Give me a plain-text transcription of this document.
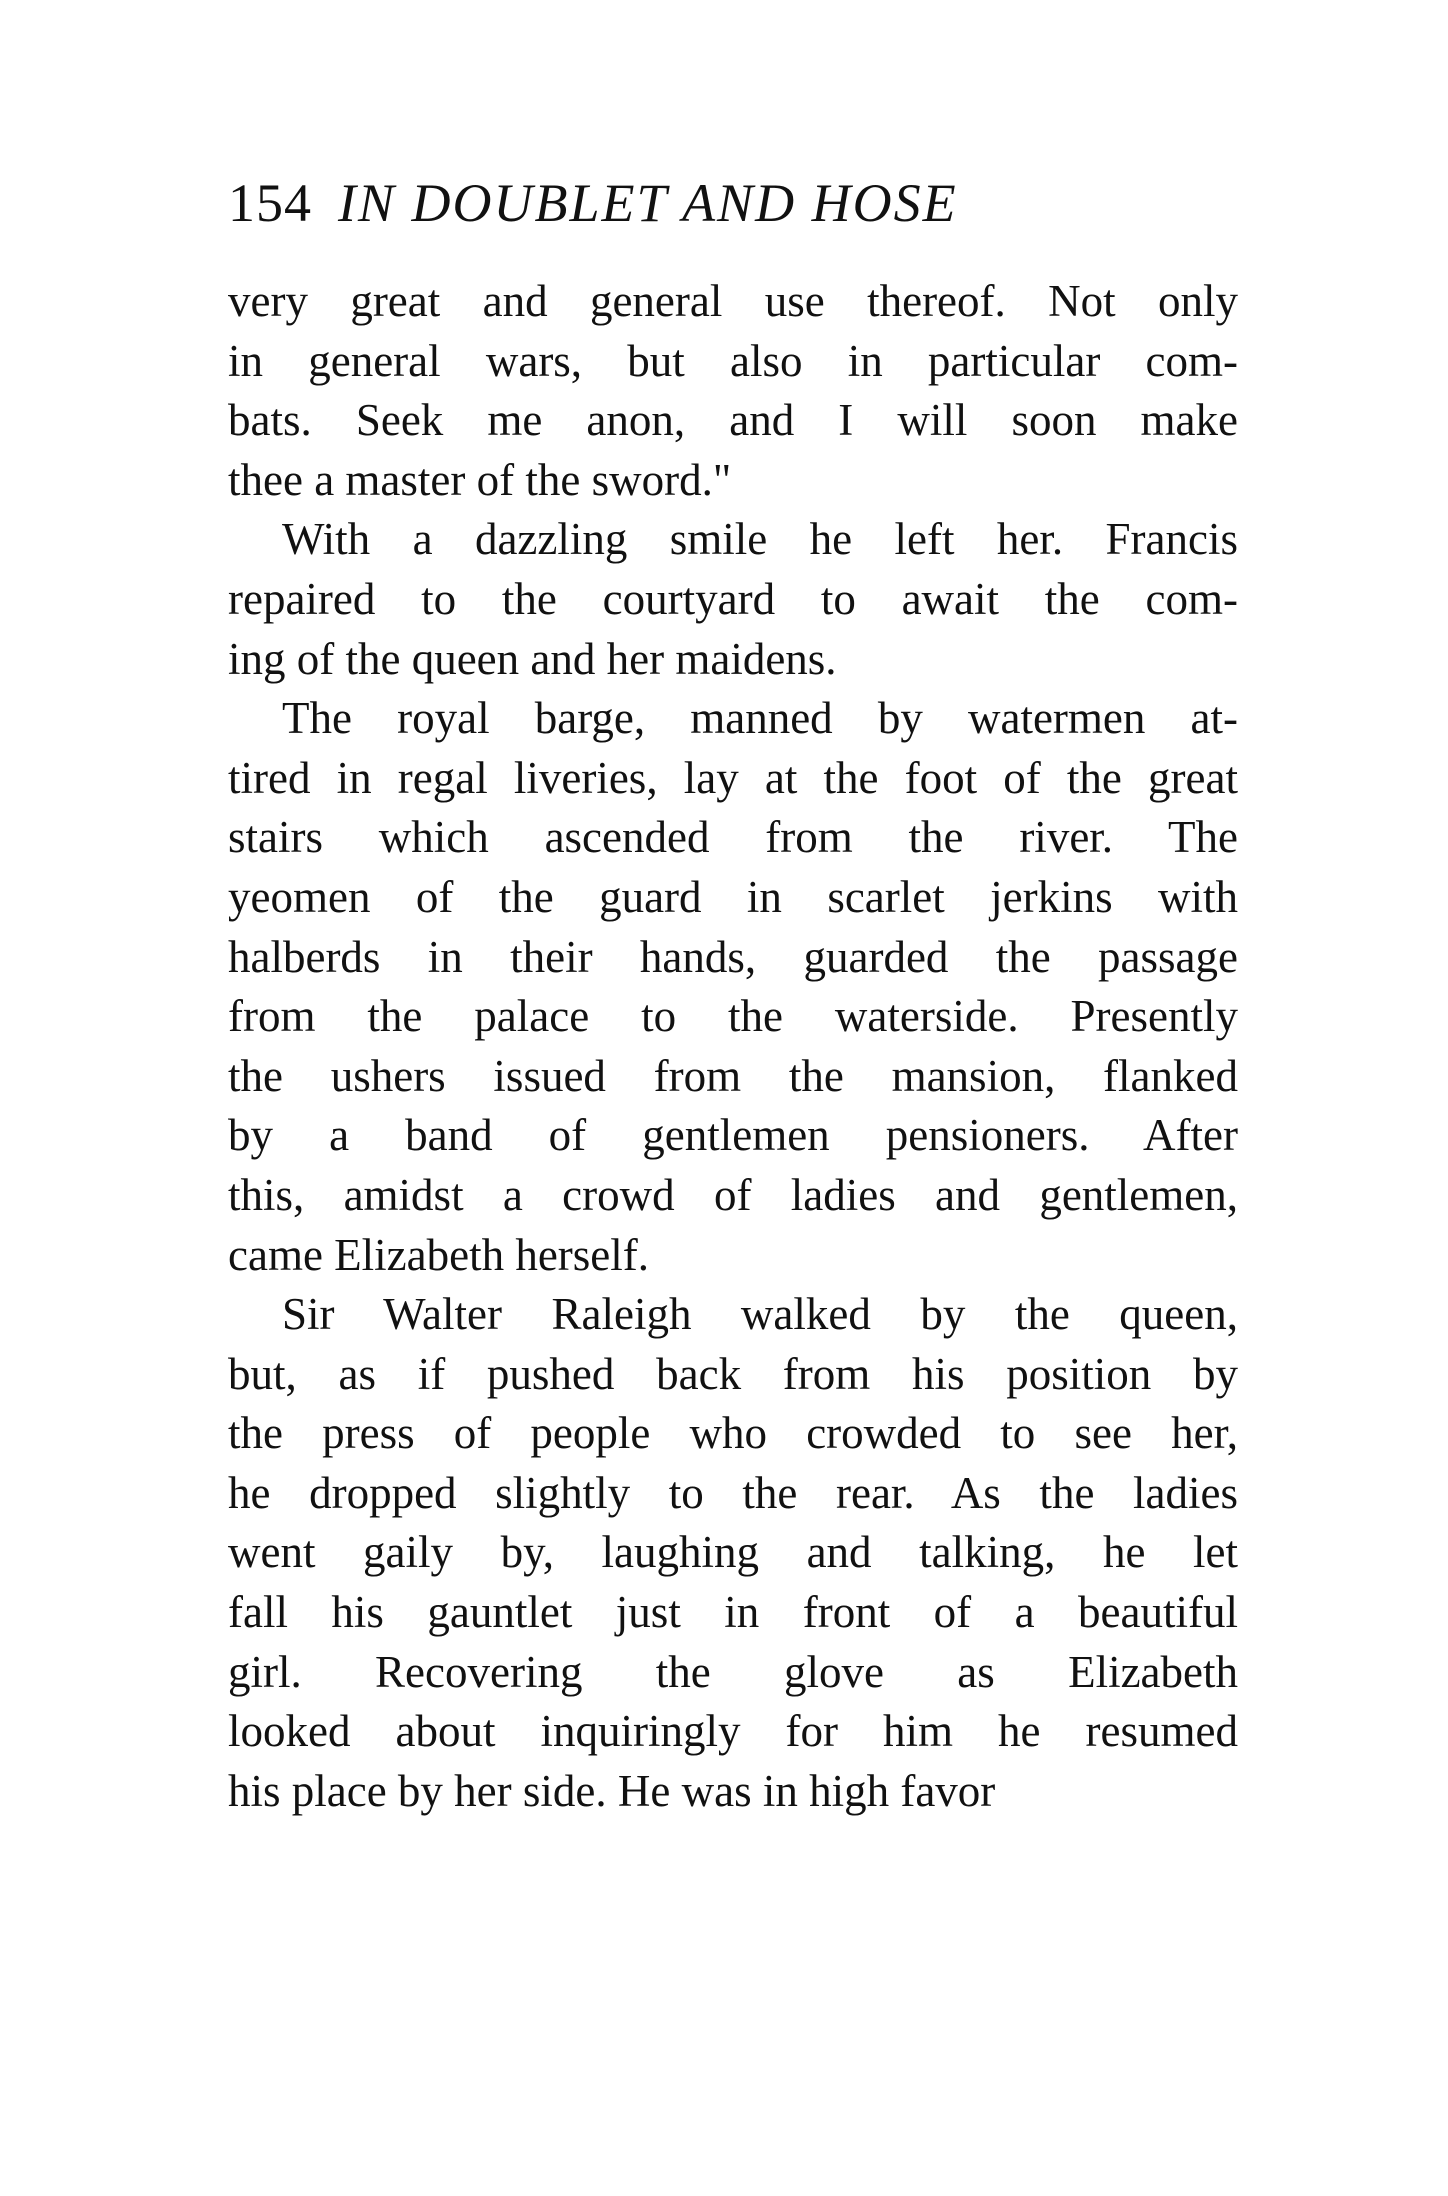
154 IN DOUBLET AND HOSE
very great and general use thereof. Not only
in general wars, but also in particular com-
bats. Seek me anon, and I will soon make
thee a master of the sword."
With a dazzling smile he left her. Francis
repaired to the courtyard to await the com-
ing of the queen and her maidens.
The royal barge, manned by watermen at-
tired in regal liveries, lay at the foot of the great
stairs which ascended from the river. The
yeomen of the guard in scarlet jerkins with
halberds in their hands, guarded the passage
from the palace to the waterside. Presently
the ushers issued from the mansion, flanked
by a band of gentlemen pensioners. After
this, amidst a crowd of ladies and gentlemen,
came Elizabeth herself.
Sir Walter Raleigh walked by the queen,
but, as if pushed back from his position by
the press of people who crowded to see her,
he dropped slightly to the rear. As the ladies
went gaily by, laughing and talking, he let
fall his gauntlet just in front of a beautiful
girl. Recovering the glove as Elizabeth
looked about inquiringly for him he resumed
his place by her side. He was in high favor
